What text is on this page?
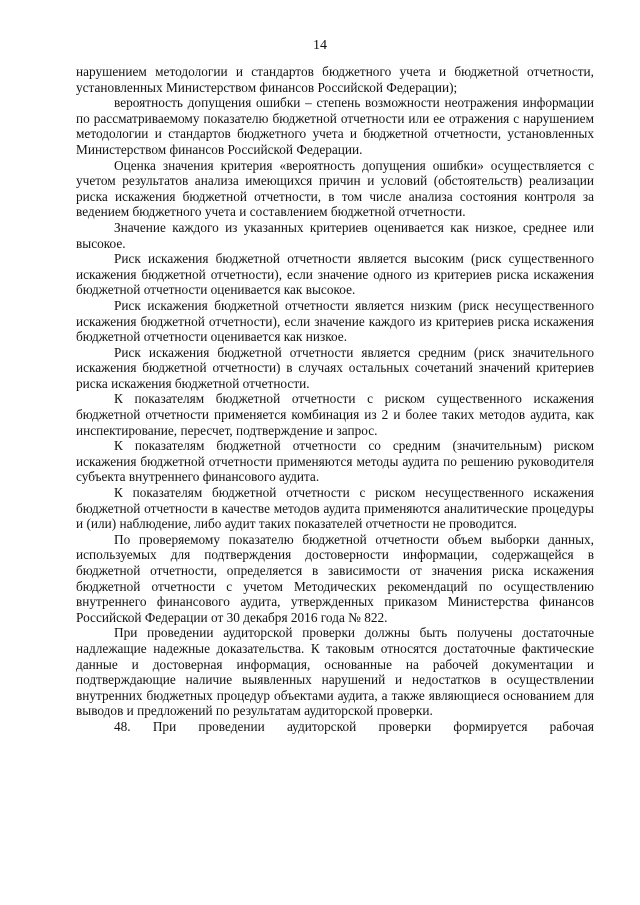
14

нарушением методологии и стандартов бюджетного учета и бюджетной отчетности, установленных Министерством финансов Российской Федерации);

вероятность допущения ошибки – степень возможности неотражения информации по рассматриваемому показателю бюджетной отчетности или ее отражения с нарушением методологии и стандартов бюджетного учета и бюджетной отчетности, установленных Министерством финансов Российской Федерации.

Оценка значения критерия «вероятность допущения ошибки» осуществляется с учетом результатов анализа имеющихся причин и условий (обстоятельств) реализации риска искажения бюджетной отчетности, в том числе анализа состояния контроля за ведением бюджетного учета и составлением бюджетной отчетности.

Значение каждого из указанных критериев оценивается как низкое, среднее или высокое.

Риск искажения бюджетной отчетности является высоким (риск существенного искажения бюджетной отчетности), если значение одного из критериев риска искажения бюджетной отчетности оценивается как высокое.

Риск искажения бюджетной отчетности является низким (риск несущественного искажения бюджетной отчетности), если значение каждого из критериев риска искажения бюджетной отчетности оценивается как низкое.

Риск искажения бюджетной отчетности является средним (риск значительного искажения бюджетной отчетности) в случаях остальных сочетаний значений критериев риска искажения бюджетной отчетности.

К показателям бюджетной отчетности с риском существенного искажения бюджетной отчетности применяется комбинация из 2 и более таких методов аудита, как инспектирование, пересчет, подтверждение и запрос.

К показателям бюджетной отчетности со средним (значительным) риском искажения бюджетной отчетности применяются методы аудита по решению руководителя субъекта внутреннего финансового аудита.

К показателям бюджетной отчетности с риском несущественного искажения бюджетной отчетности в качестве методов аудита применяются аналитические процедуры и (или) наблюдение, либо аудит таких показателей отчетности не проводится.

По проверяемому показателю бюджетной отчетности объем выборки данных, используемых для подтверждения достоверности информации, содержащейся в бюджетной отчетности, определяется в зависимости от значения риска искажения бюджетной отчетности с учетом Методических рекомендаций по осуществлению внутреннего финансового аудита, утвержденных приказом Министерства финансов Российской Федерации от 30 декабря 2016 года № 822.

При проведении аудиторской проверки должны быть получены достаточные надлежащие надежные доказательства. К таковым относятся достаточные фактические данные и достоверная информация, основанные на рабочей документации и подтверждающие наличие выявленных нарушений и недостатков в осуществлении внутренних бюджетных процедур объектами аудита, а также являющиеся основанием для выводов и предложений по результатам аудиторской проверки.

48. При проведении аудиторской проверки формируется рабочая
